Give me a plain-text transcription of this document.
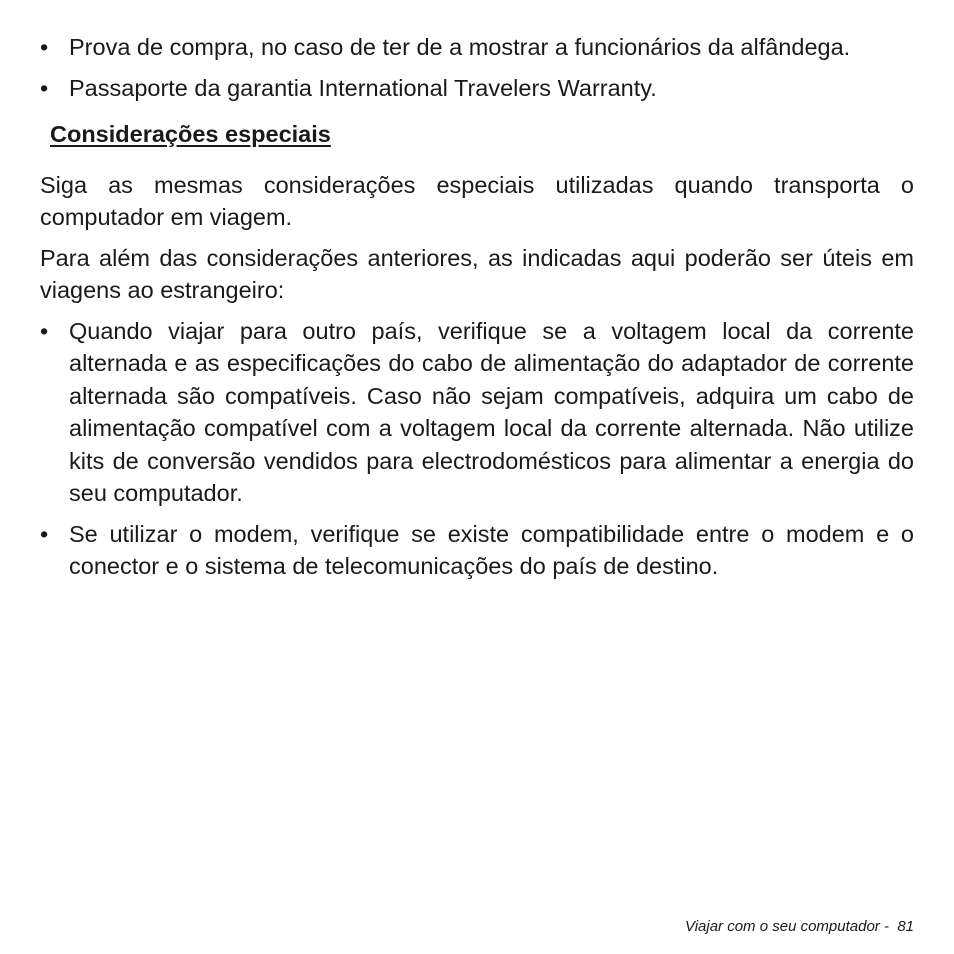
• Prova de compra, no caso de ter de a mostrar a funcionários da alfândega.
• Passaporte da garantia International Travelers Warranty.
Considerações especiais

Siga as mesmas considerações especiais utilizadas quando transporta o computador em viagem.

Para além das considerações anteriores, as indicadas aqui poderão ser úteis em viagens ao estrangeiro:

• Quando viajar para outro país, verifique se a voltagem local da corrente alternada e as especificações do cabo de alimentação do adaptador de corrente alternada são compatíveis. Caso não sejam compatíveis, adquira um cabo de alimentação compatível com a voltagem local da corrente alternada. Não utilize kits de conversão vendidos para electrodomésticos para alimentar a energia do seu computador.
• Se utilizar o modem, verifique se existe compatibilidade entre o modem e o conector e o sistema de telecomunicações do país de destino.
Viajar com o seu computador - 81
